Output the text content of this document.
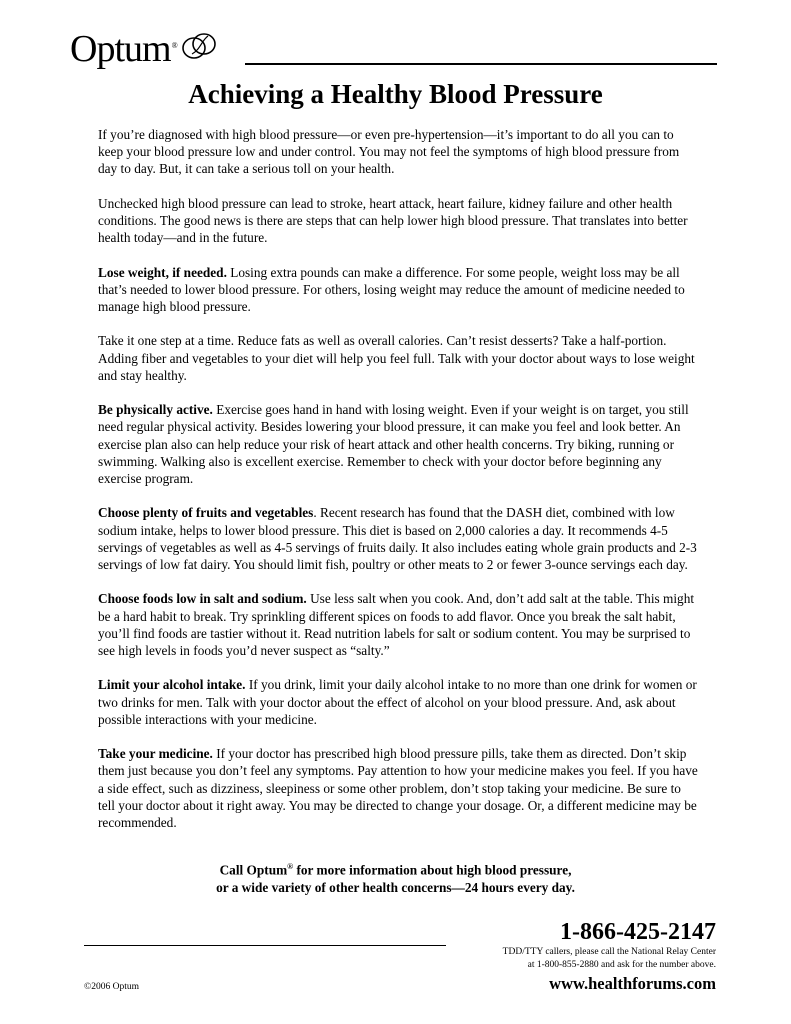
Optum ®
Achieving a Healthy Blood Pressure

If you’re diagnosed with high blood pressure—or even pre-hypertension—it’s important to do all you can to keep your blood pressure low and under control. You may not feel the symptoms of high blood pressure from day to day. But, it can take a serious toll on your health.

Unchecked high blood pressure can lead to stroke, heart attack, heart failure, kidney failure and other health conditions. The good news is there are steps that can help lower high blood pressure. That translates into better health today—and in the future.

Lose weight, if needed. Losing extra pounds can make a difference. For some people, weight loss may be all that’s needed to lower blood pressure. For others, losing weight may reduce the amount of medicine needed to manage high blood pressure.

Take it one step at a time. Reduce fats as well as overall calories. Can’t resist desserts? Take a half-portion. Adding fiber and vegetables to your diet will help you feel full. Talk with your doctor about ways to lose weight and stay healthy.

Be physically active. Exercise goes hand in hand with losing weight. Even if your weight is on target, you still need regular physical activity. Besides lowering your blood pressure, it can make you feel and look better. An exercise plan also can help reduce your risk of heart attack and other health concerns. Try biking, running or swimming. Walking also is excellent exercise. Remember to check with your doctor before beginning any exercise program.

Choose plenty of fruits and vegetables. Recent research has found that the DASH diet, combined with low sodium intake, helps to lower blood pressure. This diet is based on 2,000 calories a day. It recommends 4-5 servings of vegetables as well as 4-5 servings of fruits daily. It also includes eating whole grain products and 2-3 servings of low fat dairy. You should limit fish, poultry or other meats to 2 or fewer 3-ounce servings each day.

Choose foods low in salt and sodium. Use less salt when you cook. And, don’t add salt at the table. This might be a hard habit to break. Try sprinkling different spices on foods to add flavor. Once you break the salt habit, you’ll find foods are tastier without it. Read nutrition labels for salt or sodium content. You may be surprised to see high levels in foods you’d never suspect as “salty.”

Limit your alcohol intake. If you drink, limit your daily alcohol intake to no more than one drink for women or two drinks for men. Talk with your doctor about the effect of alcohol on your blood pressure. And, ask about possible interactions with your medicine.

Take your medicine. If your doctor has prescribed high blood pressure pills, take them as directed. Don’t skip them just because you don’t feel any symptoms. Pay attention to how your medicine makes you feel. If you have a side effect, such as dizziness, sleepiness or some other problem, don’t stop taking your medicine. Be sure to tell your doctor about it right away. You may be directed to change your dosage. Or, a different medicine may be recommended.

Call Optum® for more information about high blood pressure,
or a wide variety of other health concerns—24 hours every day.
1-866-425-2147
TDD/TTY callers, please call the National Relay Center
at 1-800-855-2880 and ask for the number above.
©2006 Optum	www.healthforums.com
